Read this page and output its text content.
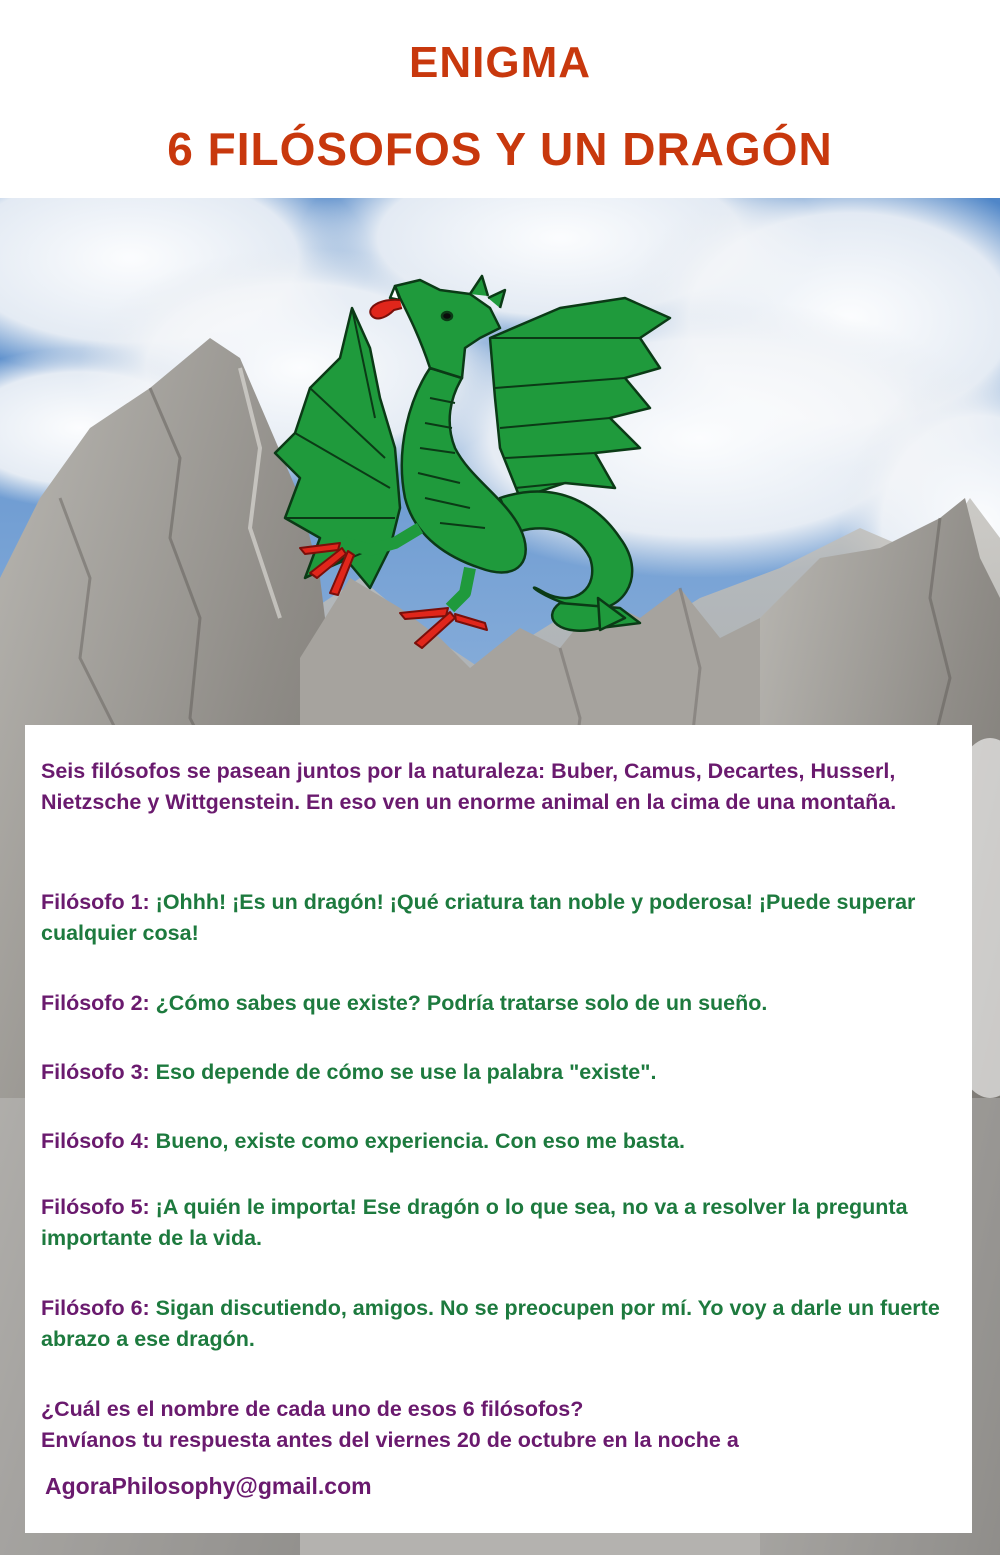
ENIGMA
6 FILÓSOFOS Y UN DRAGÓN

Seis filósofos se pasean juntos por la naturaleza: Buber, Camus, Decartes, Husserl, Nietzsche y Wittgenstein. En eso ven un enorme animal en la cima de una montaña.

Filósofo 1: ¡Ohhh! ¡Es un dragón! ¡Qué criatura tan noble y poderosa! ¡Puede superar cualquier cosa!

Filósofo 2: ¿Cómo sabes que existe? Podría tratarse solo de un sueño.

Filósofo 3: Eso depende de cómo se use la palabra "existe".

Filósofo 4: Bueno, existe como experiencia. Con eso me basta.

Filósofo 5: ¡A quién le importa! Ese dragón o lo que sea, no va a resolver la pregunta importante de la vida.

Filósofo 6: Sigan discutiendo, amigos. No se preocupen por mí. Yo voy a darle un fuerte abrazo a ese dragón.

¿Cuál es el nombre de cada uno de esos 6 filósofos?

Envíanos tu respuesta antes del viernes 20 de octubre en la noche a

AgoraPhilosophy@gmail.com
